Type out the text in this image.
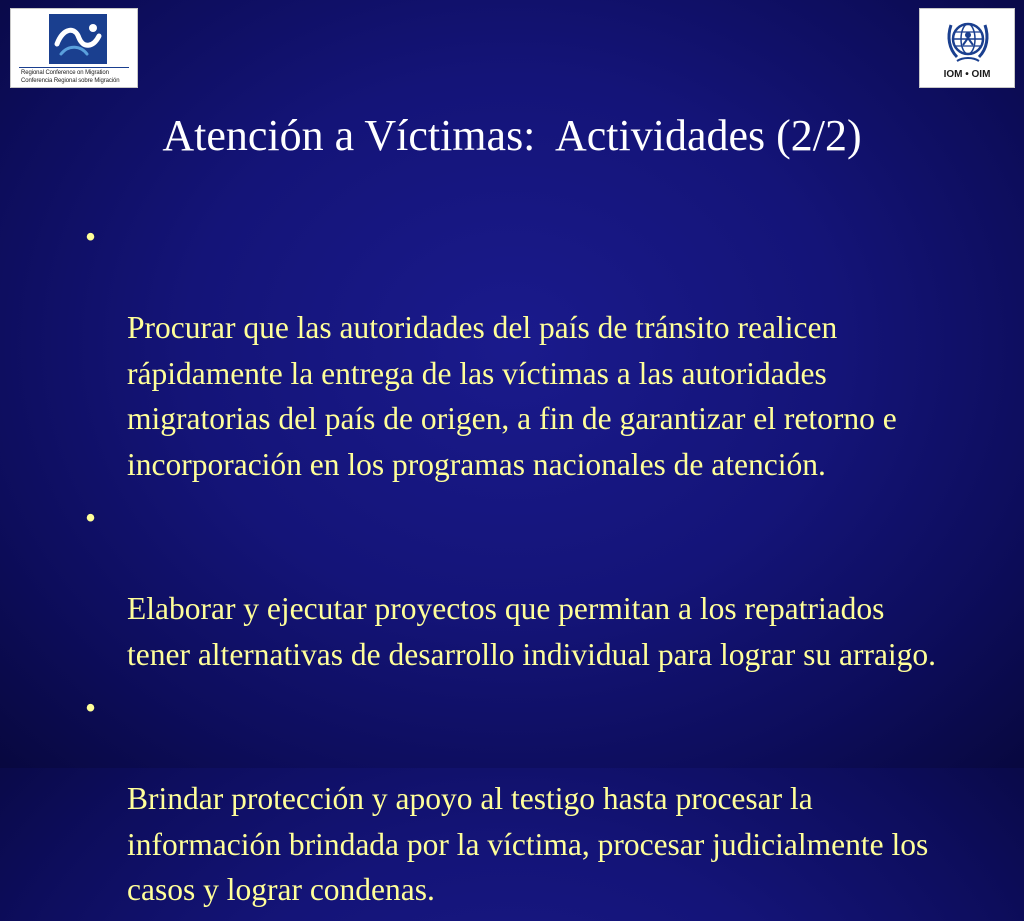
Regional Conference on Migration
Conferencia Regional sobre Migración
IOM • OIM
Atención a Víctimas:  Actividades (2/2)

•

Procurar que las autoridades del país de tránsito realicen rápidamente la entrega de las víctimas a las autoridades migratorias del país de origen, a fin de garantizar el retorno e incorporación en los programas nacionales de atención.

•

Elaborar y ejecutar proyectos que permitan a los repatriados tener alternativas de desarrollo individual para lograr su arraigo.

•

Brindar protección y apoyo al testigo hasta procesar la información brindada por la víctima, procesar judicialmente los casos y lograr condenas.
